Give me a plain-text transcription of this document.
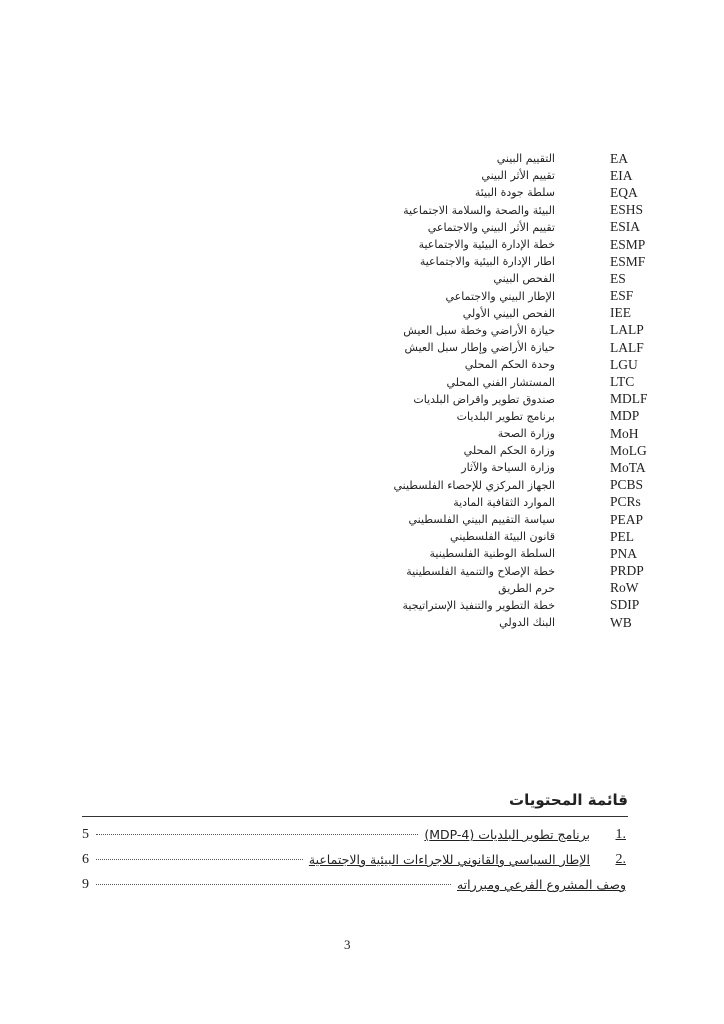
التقييم البيني	EA
تقييم الأثر البيني	EIA
سلطة جودة البيئة	EQA
البيئة والصحة والسلامة الاجتماعية	ESHS
تقييم الأثر البيني والاجتماعي	ESIA
خطة الإدارة البيئية والاجتماعية	ESMP
اطار الإدارة البيئية والاجتماعية	ESMF
الفحص البيني	ES
الإطار البيني والاجتماعي	ESF
الفحص البيني الأولي	IEE
حيازة الأراضي وخطة سبل العيش	LALP
حيازة الأراضي وإطار سبل العيش	LALF
وحدة الحكم المحلي	LGU
المستشار الفني المحلي	LTC
صندوق تطوير واقراض البلديات	MDLF
برنامج تطوير البلديات	MDP
وزارة الصحة	MoH
وزارة الحكم المحلي	MoLG
وزارة السياحة والآثار	MoTA
الجهاز المركزي للإحصاء الفلسطيني	PCBS
الموارد الثقافية المادية	PCRs
سياسة التقييم البيني الفلسطيني	PEAP
قانون البيئة الفلسطيني	PEL
السلطة الوطنية الفلسطينية	PNA
خطة الإصلاح والتنمية الفلسطينية	PRDP
حرم الطريق	RoW
خطة التطوير والتنفيذ الإستراتيجية	SDIP
البنك الدولي	WB
قائمة المحتويات
5	برنامج تطوير البلديات (MDP-4) 1.
6	الإطار السياسي والقانوني للاجراءات البيئية والاجتماعية 2.
9	وصف المشروع الفرعي ومبرراته
3
